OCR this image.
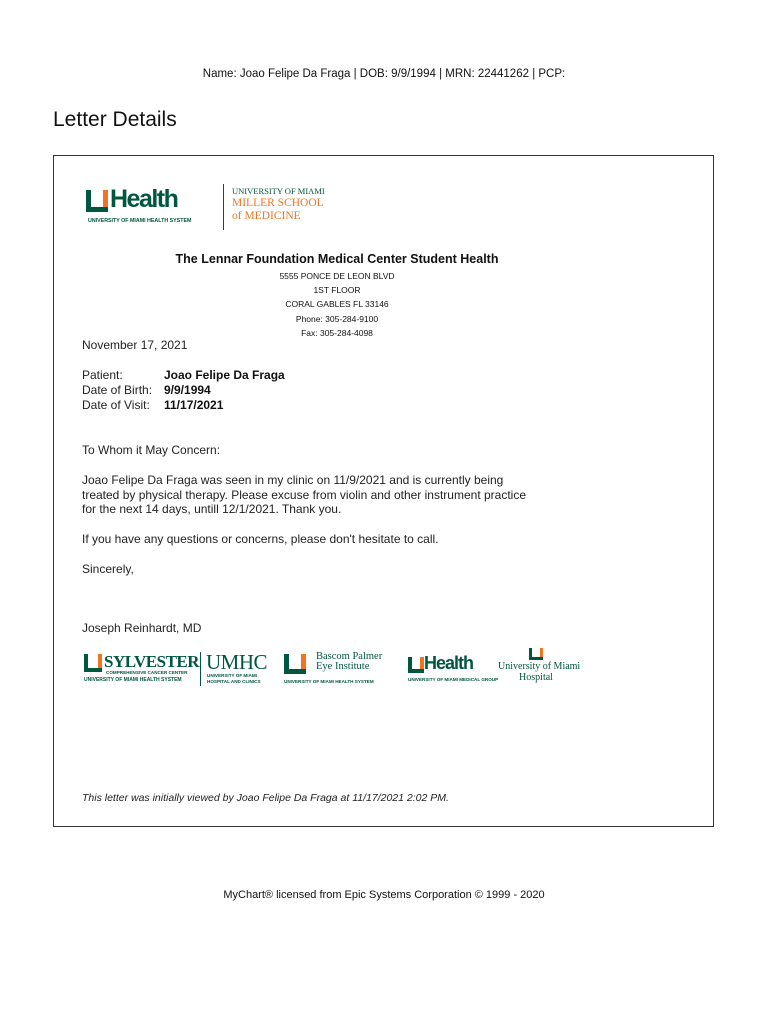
Name: Joao Felipe Da Fraga | DOB: 9/9/1994 | MRN: 22441262 | PCP:
Letter Details
Health
UNIVERSITY OF MIAMI HEALTH SYSTEM
UNIVERSITY OF MIAMI
MILLER SCHOOL
of MEDICINE
The Lennar Foundation Medical Center Student Health
5555 PONCE DE LEON BLVD
1ST FLOOR
CORAL GABLES FL 33146
Phone: 305-284-9100
Fax: 305-284-4098
November 17, 2021
Patient:	Joao Felipe Da Fraga
Date of Birth: 9/9/1994
Date of Visit: 11/17/2021
To Whom it May Concern:
Joao Felipe Da Fraga was seen in my clinic on 11/9/2021 and is currently being
treated by physical therapy. Please excuse from violin and other instrument practice
for the next 14 days, untill 12/1/2021. Thank you.
If you have any questions or concerns, please don't hesitate to call.
Sincerely,
Joseph Reinhardt, MD
SYLVESTER
COMPREHENSIVE CANCER CENTER
UNIVERSITY OF MIAMI HEALTH SYSTEM
UMHC
UNIVERSITY OF MIAMI
HOSPITAL AND CLINICS
Bascom Palmer
Eye Institute
UNIVERSITY OF MIAMI HEALTH SYSTEM
Health
UNIVERSITY OF MIAMI MEDICAL GROUP
University of Miami
Hospital
This letter was initially viewed by Joao Felipe Da Fraga at 11/17/2021 2:02 PM.
MyChart® licensed from Epic Systems Corporation © 1999 - 2020
